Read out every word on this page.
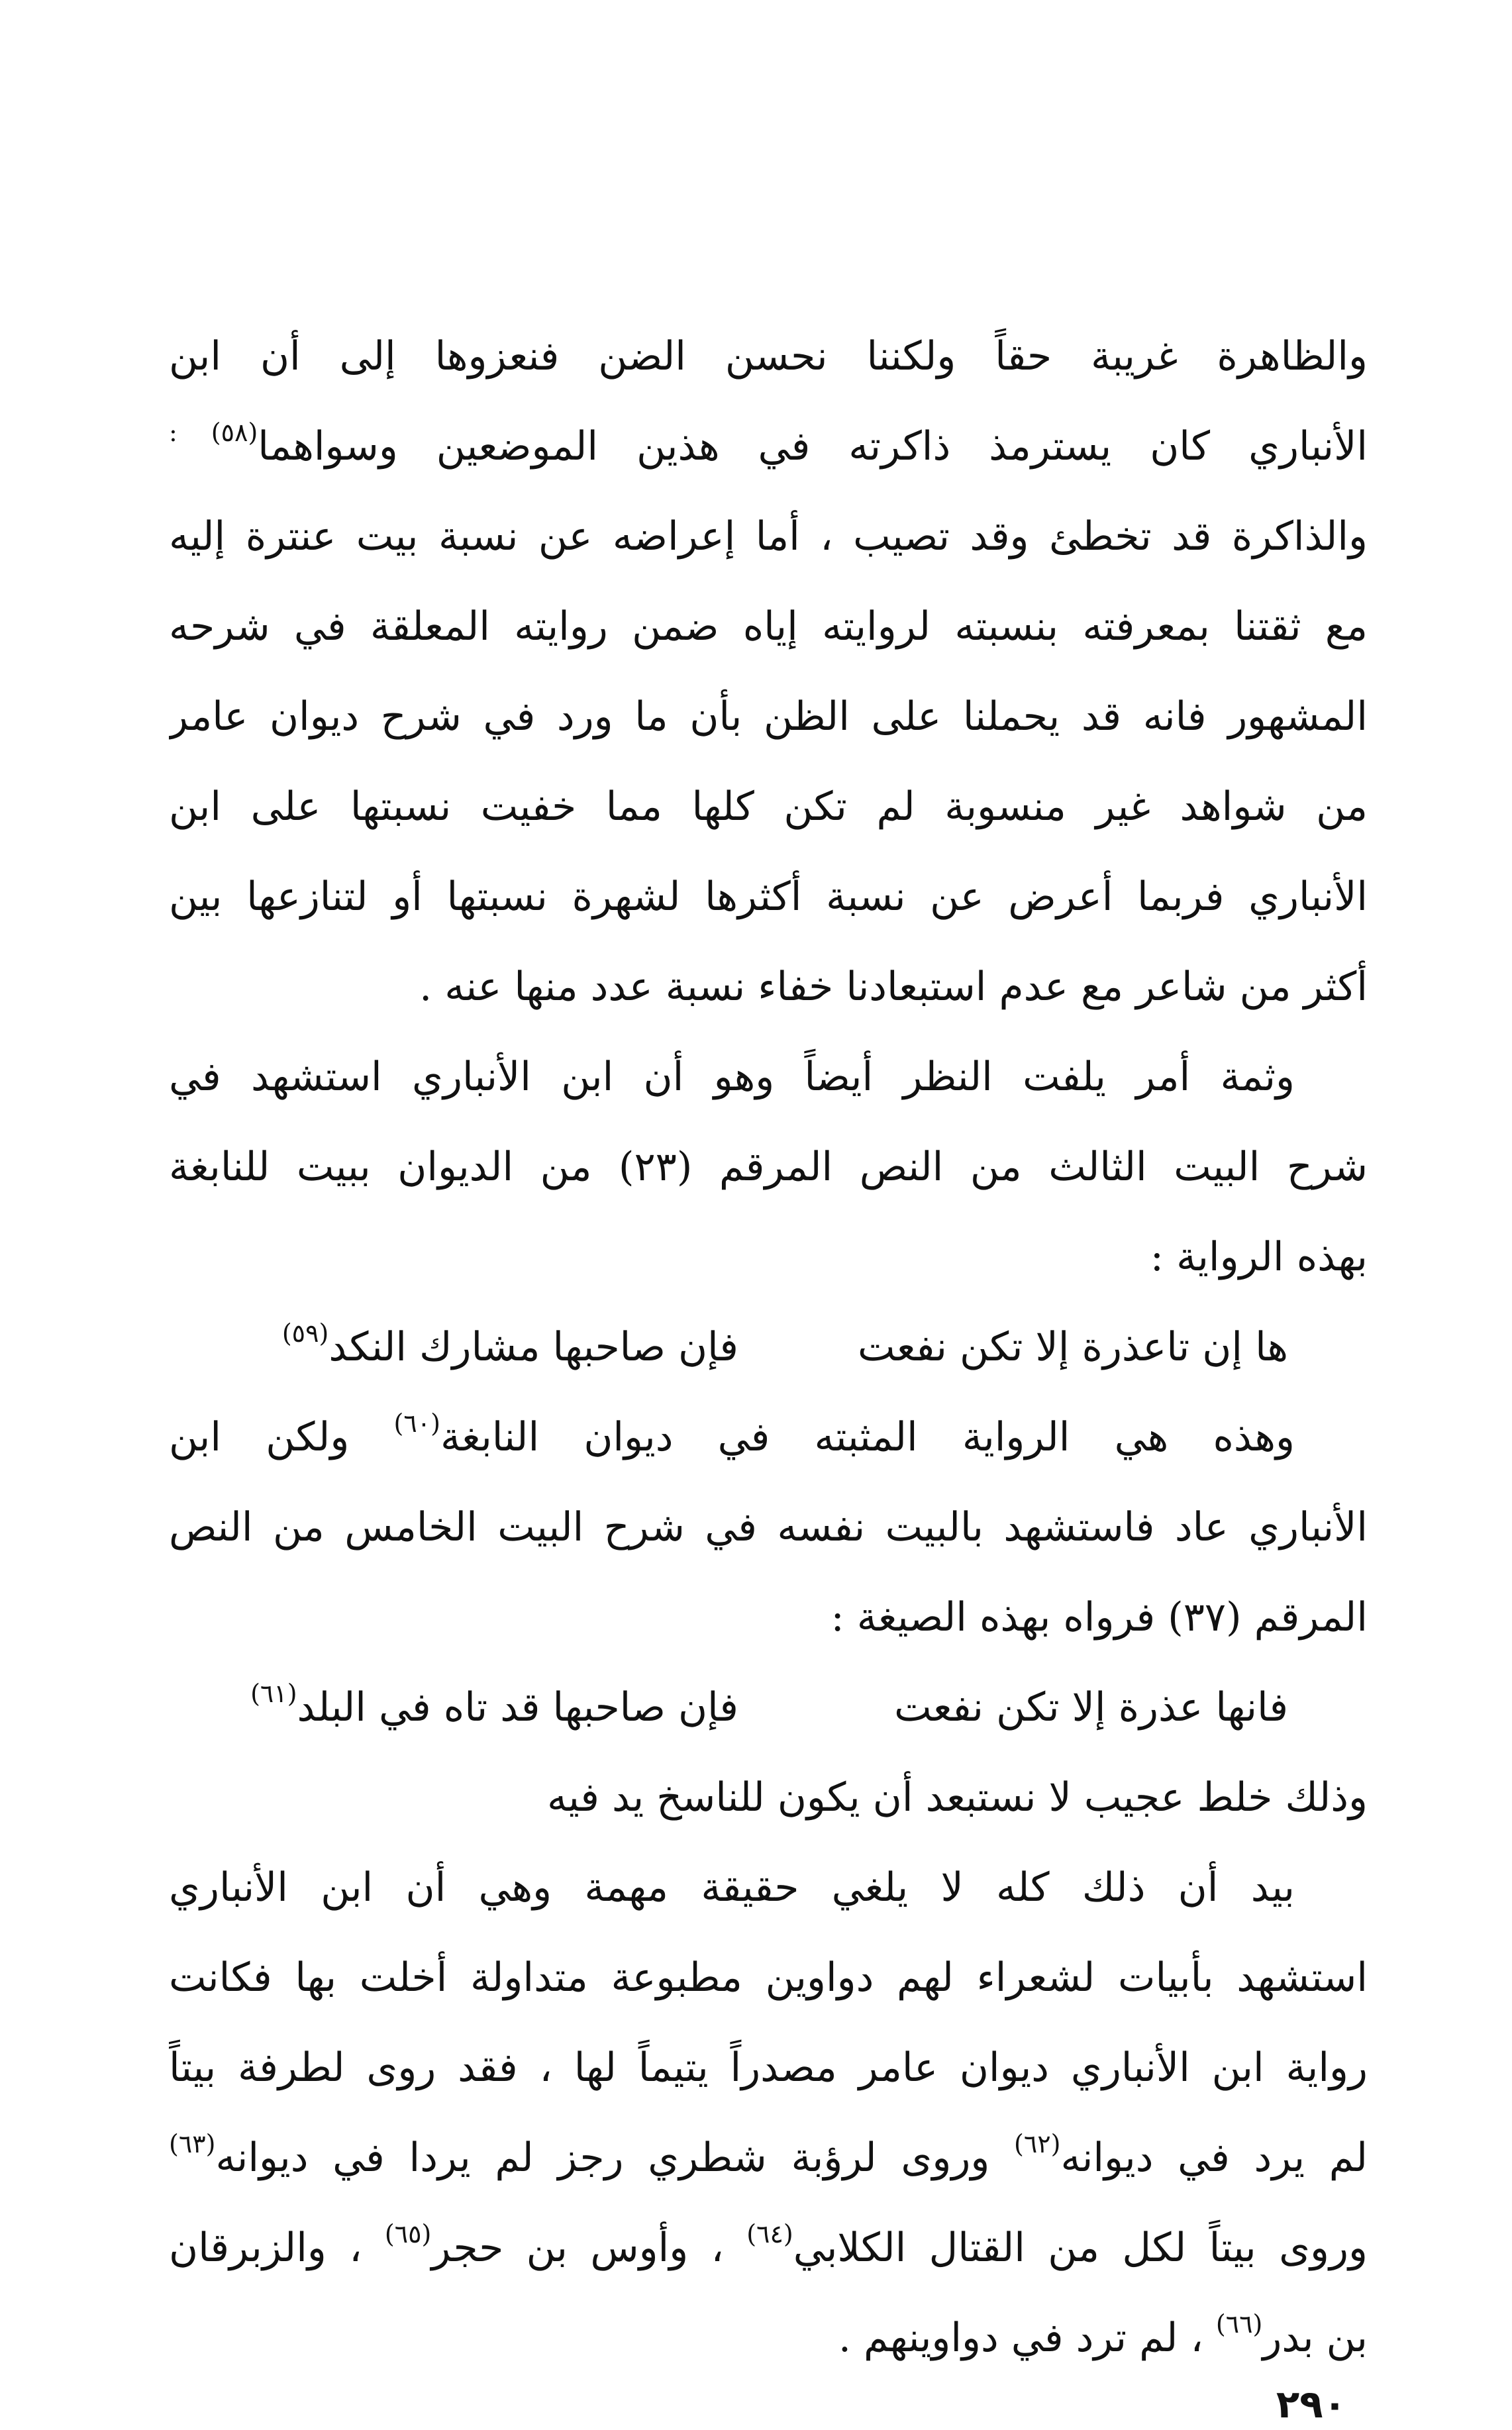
والظاهرة غريبة حقاً ولكننا نحسن الضن فنعزوها إلى أن ابن
الأنباري كان يسترمذ ذاكرته في هذين الموضعين وسواهما$^{(٥٨) :}$
والذاكرة قد تخطئ وقد تصيب ، أما إعراضه عن نسبة بيت عنترة إليه
مع ثقتنا بمعرفته بنسبته لروايته إياه ضمن روايته المعلقة في شرحه
المشهور فانه قد يحملنا على الظن بأن ما ورد في شرح ديوان عامر
من شواهد غير منسوبة لم تكن كلها مما خفيت نسبتها على ابن
الأنباري فربما أعرض عن نسبة أكثرها لشهرة نسبتها أو لتنازعها بين
أكثر من شاعر مع عدم استبعادنا خفاء نسبة عدد منها عنه .
وثمة أمر يلفت النظر أيضاً وهو أن ابن الأنباري استشهد في
شرح البيت الثالث من النص المرقم (٢٣) من الديوان ببيت للنابغة
بهذه الرواية :
ها إن تاعذرة إلا تكن نفعت
فإن صاحبها مشارك النكد$^{(٥٩)}$
وهذه هي الرواية المثبته في ديوان النابغة$^{(٦٠)}$ ولكن ابن
الأنباري عاد فاستشهد بالبيت نفسه في شرح البيت الخامس من النص
المرقم (٣٧) فرواه بهذه الصيغة :
فانها عذرة إلا تكن نفعت
فإن صاحبها قد تاه في البلد$^{(٦١)}$
وذلك خلط عجيب لا نستبعد أن يكون للناسخ يد فيه
بيد أن ذلك كله لا يلغي حقيقة مهمة وهي أن ابن الأنباري
استشهد بأبيات لشعراء لهم دواوين مطبوعة متداولة أخلت بها فكانت
رواية ابن الأنباري ديوان عامر مصدراً يتيماً لها ، فقد روى لطرفة بيتاً
لم يرد في ديوانه$^{(٦٢)}$ وروى لرؤبة شطري رجز لم يردا في ديوانه$^{(٦٣)}$
وروى بيتاً لكل من القتال الكلابي$^{(٦٤)}$ ، وأوس بن حجر$^{(٦٥)}$ ، والزبرقان
بن بدر$^{(٦٦)}$ ، لم ترد في دواوينهم .
٢٩٠
